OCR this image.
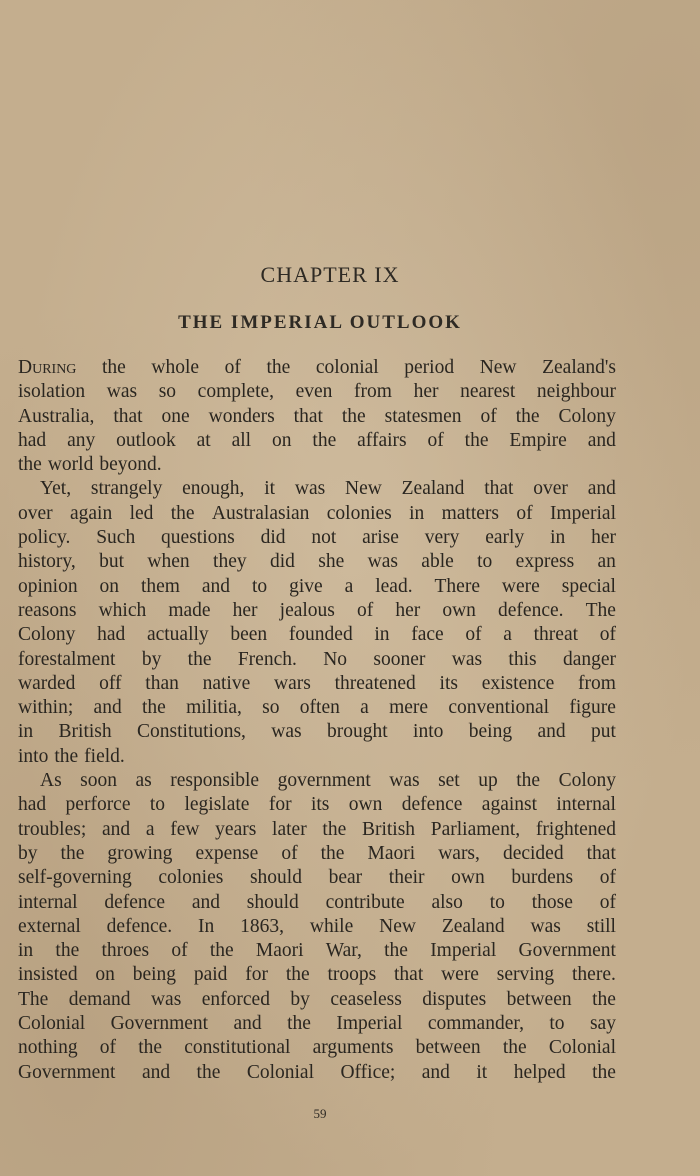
CHAPTER IX
THE IMPERIAL OUTLOOK
During the whole of the colonial period New Zealand's
isolation was so complete, even from her nearest neighbour
Australia, that one wonders that the statesmen of the Colony
had any outlook at all on the affairs of the Empire and
the world beyond.
Yet, strangely enough, it was New Zealand that over and
over again led the Australasian colonies in matters of Imperial
policy. Such questions did not arise very early in her
history, but when they did she was able to express an
opinion on them and to give a lead. There were special
reasons which made her jealous of her own defence. The
Colony had actually been founded in face of a threat of
forestalment by the French. No sooner was this danger
warded off than native wars threatened its existence from
within; and the militia, so often a mere conventional figure
in British Constitutions, was brought into being and put
into the field.
As soon as responsible government was set up the Colony
had perforce to legislate for its own defence against internal
troubles; and a few years later the British Parliament, frightened
by the growing expense of the Maori wars, decided that
self-governing colonies should bear their own burdens of
internal defence and should contribute also to those of
external defence. In 1863, while New Zealand was still
in the throes of the Maori War, the Imperial Government
insisted on being paid for the troops that were serving there.
The demand was enforced by ceaseless disputes between the
Colonial Government and the Imperial commander, to say
nothing of the constitutional arguments between the Colonial
Government and the Colonial Office; and it helped the
59
